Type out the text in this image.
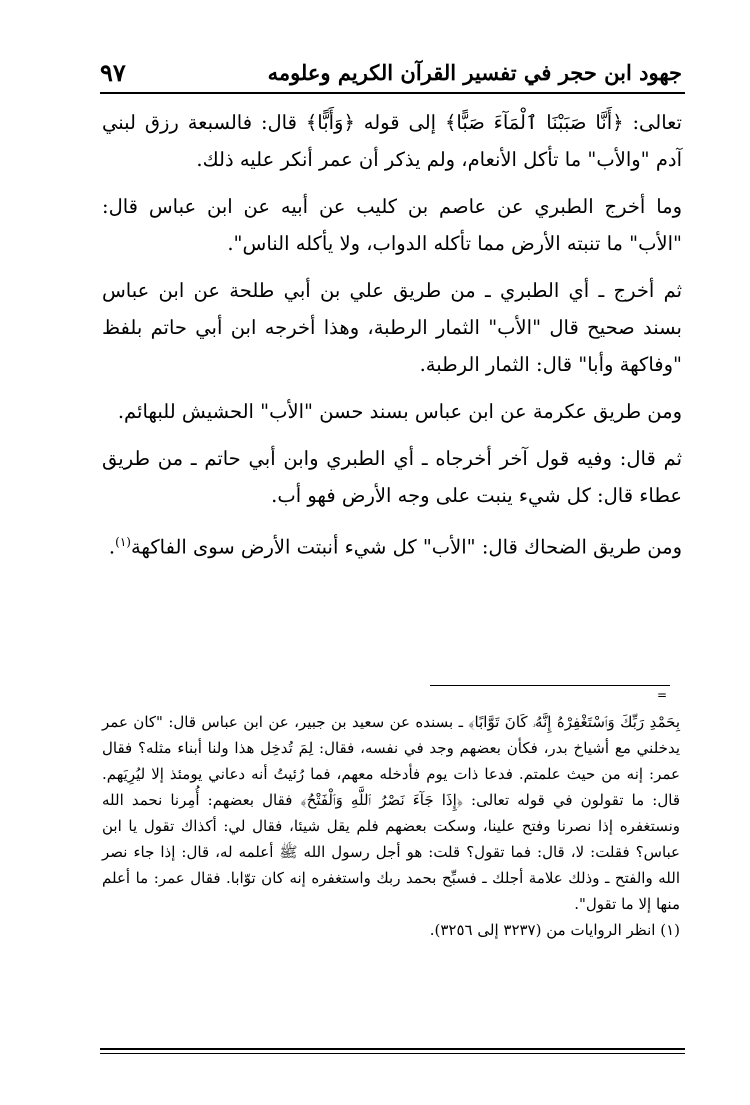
٩٧	جهود ابن حجر في تفسير القرآن الكريم وعلومه

تعالى: ﴿أَنَّا صَبَبْنَا ٱلْمَآءَ صَبًّا﴾ إلى قوله ﴿وَأَبًّا﴾ قال: فالسبعة رزق لبني آدم "والأب" ما تأكل الأنعام، ولم يذكر أن عمر أنكر عليه ذلك.

وما أخرج الطبري عن عاصم بن كليب عن أبيه عن ابن عباس قال: "الأب" ما تنبته الأرض مما تأكله الدواب، ولا يأكله الناس".

ثم أخرج ـ أي الطبري ـ من طريق علي بن أبي طلحة عن ابن عباس بسند صحيح قال "الأب" الثمار الرطبة، وهذا أخرجه ابن أبي حاتم بلفظ "وفاكهة وأبا" قال: الثمار الرطبة.

ومن طريق عكرمة عن ابن عباس بسند حسن "الأب" الحشيش للبهائم.

ثم قال: وفيه قول آخر أخرجاه ـ أي الطبري وابن أبي حاتم ـ من طريق عطاء قال: كل شيء ينبت على وجه الأرض فهو أب.

ومن طريق الضحاك قال: "الأب" كل شيء أنبتت الأرض سوى الفاكهة$^{(١)}$.

=

بِحَمْدِ رَبِّكَ وَٱسْتَغْفِرْهُ إِنَّهُۥ كَانَ تَوَّابًا﴾ ـ بسنده عن سعيد بن جبير، عن ابن عباس قال: "كان عمر يدخلني مع أشياخ بدر، فكأن بعضهم وجد في نفسه، فقال: لِمَ تُدخِل هذا ولنا أبناء مثله؟ فقال عمر: إنه من حيث علمتم. فدعا ذات يوم فأدخله معهم، فما رُئيتُ أنه دعاني يومئذ إلا ليُرِيَهم. قال: ما تقولون في قوله تعالى: ﴿إِذَا جَآءَ نَصْرُ ٱللَّهِ وَٱلْفَتْحُ﴾ فقال بعضهم: أُمِرنا نحمد الله ونستغفره إذا نصرنا وفتح علينا، وسكت بعضهم فلم يقل شيئا، فقال لي: أكذاك تقول يا ابن عباس؟ فقلت: لا، قال: فما تقول؟ قلت: هو أجل رسول الله ﷺ أعلمه له، قال: إذا جاء نصر الله والفتح ـ وذلك علامة أجلك ـ فسبِّح بحمد ربك واستغفره إنه كان توّابا. فقال عمر: ما أعلم منها إلا ما تقول".

(١) انظر الروايات من (٣٢٣٧ إلى ٣٢٥٦).
